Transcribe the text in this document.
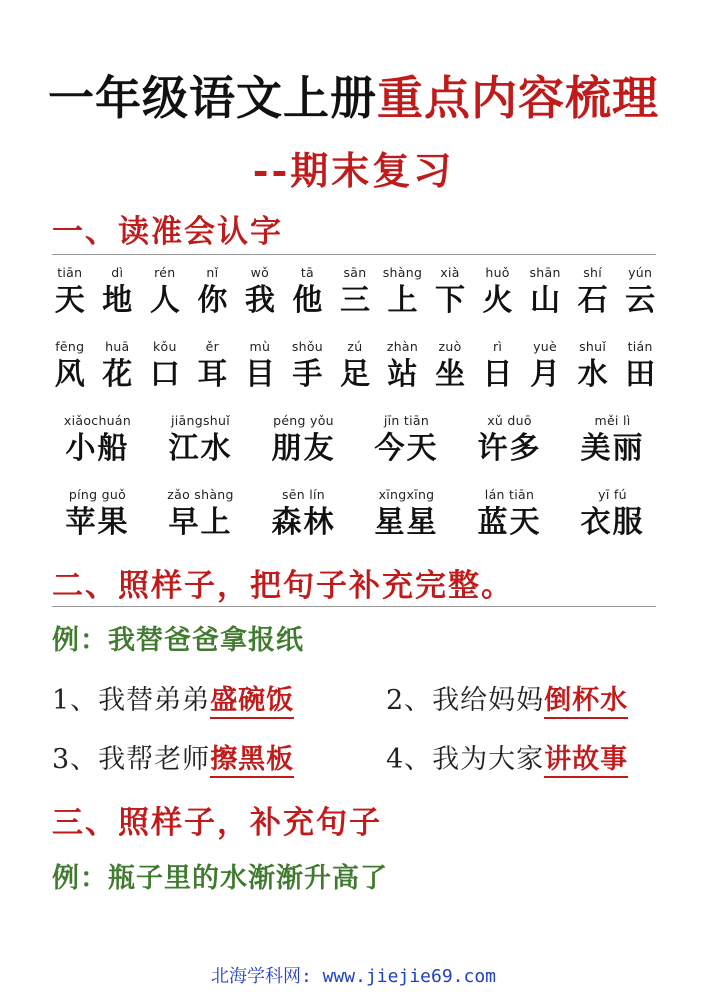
一年级语文上册重点内容梳理
--期末复习
一、读准会认字
tiān
天
dì
地
rén
人
nǐ
你
wǒ
我
tā
他
sān
三
shàng
上
xià
下
huǒ
火
shān
山
shí
石
yún
云
fēng
风
huā
花
kǒu
口
ěr
耳
mù
目
shǒu
手
zú
足
zhàn
站
zuò
坐
rì
日
yuè
月
shuǐ
水
tián
田
xiǎochuán
小船
jiāngshuǐ
江水
péng yǒu
朋友
jīn tiān
今天
xǔ duō
许多
měi lì
美丽
píng guǒ
苹果
zǎo shàng
早上
sēn lín
森林
xīngxīng
星星
lán tiān
蓝天
yī fú
衣服
二、照样子，把句子补充完整。
例：我替爸爸拿报纸
1、我替弟弟盛碗饭	2、我给妈妈倒杯水
3、我帮老师擦黑板	4、我为大家讲故事
三、照样子，补充句子
例：瓶子里的水渐渐升高了
北海学科网: www.jiejie69.com
